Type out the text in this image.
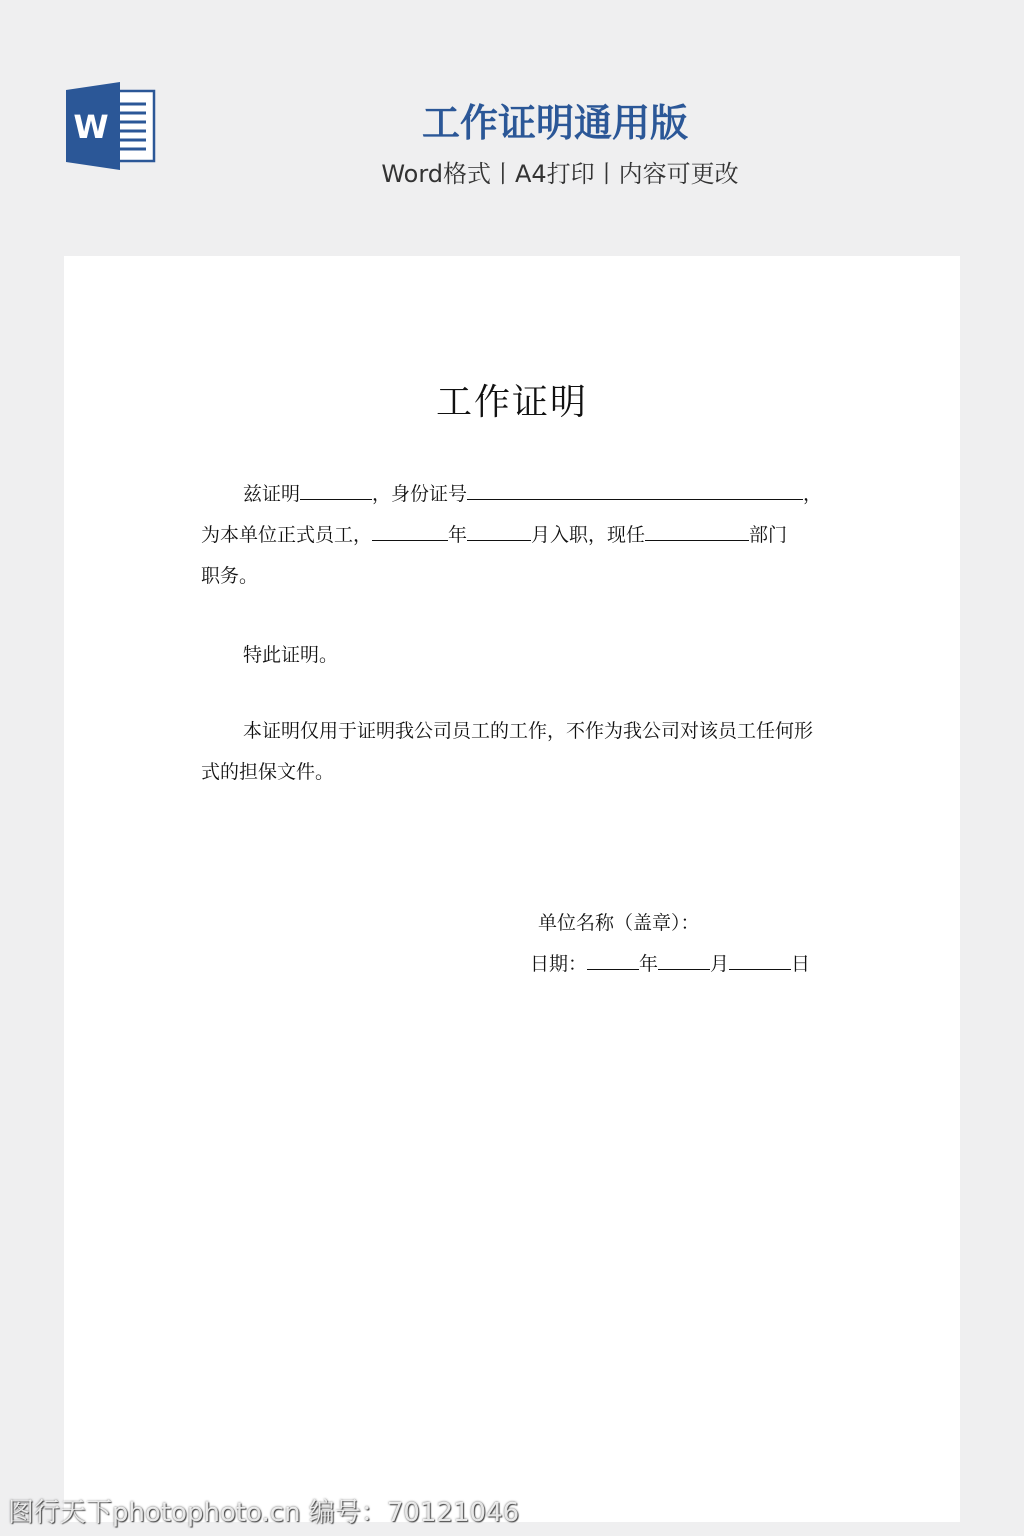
W	工作证明通用版
Word格式丨A4打印丨内容可更改
工作证明
兹证明	，身份证号	，
为本单位正式员工，	年	月入职，现任	部门
职务。
特此证明。
本证明仅用于证明我公司员工的工作，不作为我公司对该员工任何形式的担保文件。
单位名称（盖章）：
日期：	年	月	日
图行天下photophoto.cn 编号：70121046
